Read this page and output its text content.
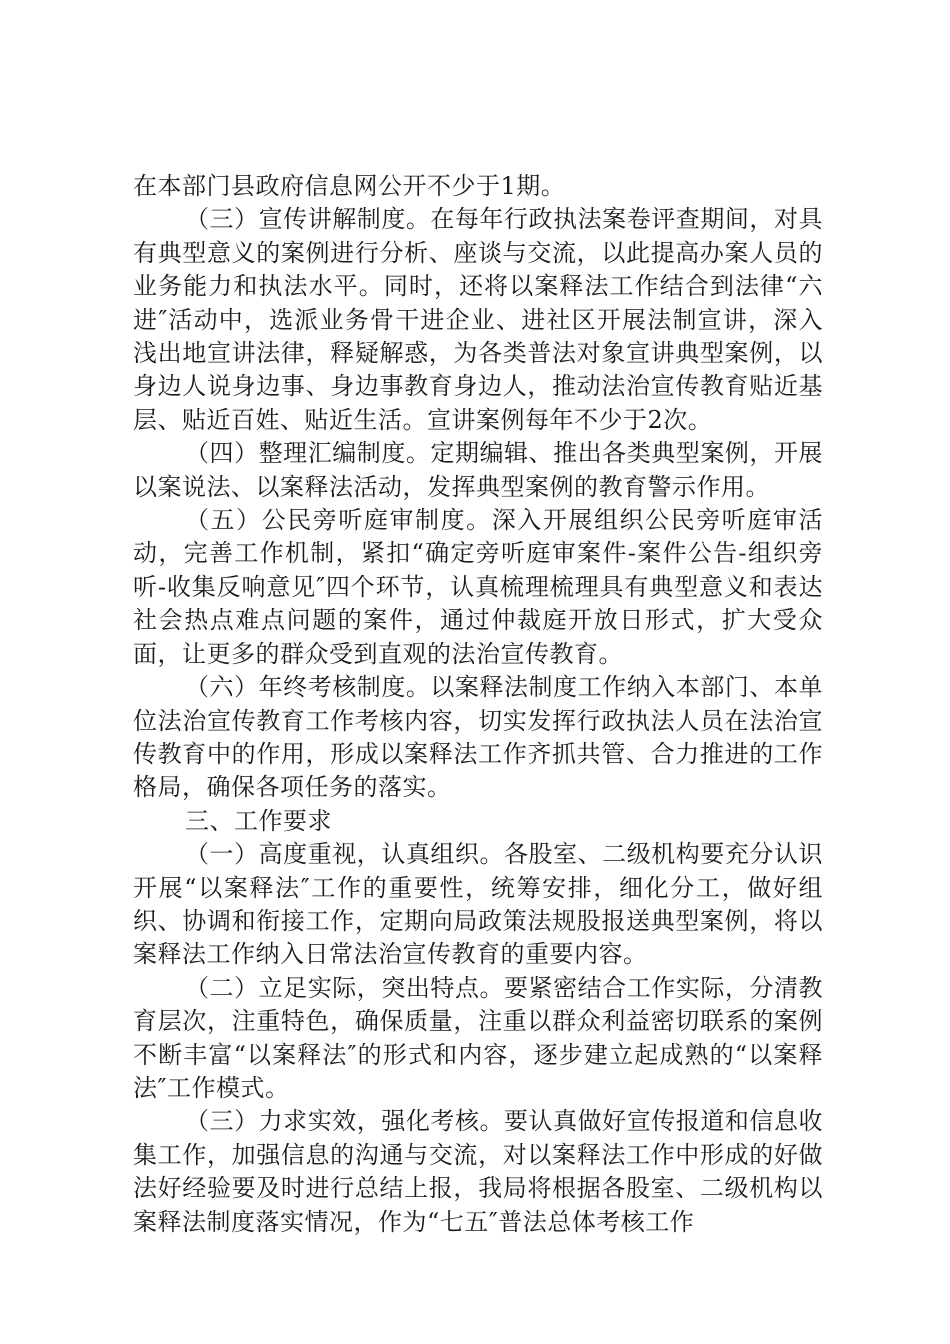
在本部门县政府信息网公开不少于1期。

（三）宣传讲解制度。在每年行政执法案卷评查期间，对具有典型意义的案例进行分析、座谈与交流，以此提高办案人员的业务能力和执法水平。同时，还将以案释法工作结合到法律“六进″活动中，选派业务骨干进企业、进社区开展法制宣讲，深入浅出地宣讲法律，释疑解惑，为各类普法对象宣讲典型案例，以身边人说身边事、身边事教育身边人，推动法治宣传教育贴近基层、贴近百姓、贴近生活。宣讲案例每年不少于2次。

（四）整理汇编制度。定期编辑、推出各类典型案例，开展以案说法、以案释法活动，发挥典型案例的教育警示作用。

（五）公民旁听庭审制度。深入开展组织公民旁听庭审活动，完善工作机制，紧扣“确定旁听庭审案件-案件公告-组织旁听-收集反响意见″四个环节，认真梳理梳理具有典型意义和表达社会热点难点问题的案件，通过仲裁庭开放日形式，扩大受众面，让更多的群众受到直观的法治宣传教育。

（六）年终考核制度。以案释法制度工作纳入本部门、本单位法治宣传教育工作考核内容，切实发挥行政执法人员在法治宣传教育中的作用，形成以案释法工作齐抓共管、合力推进的工作格局，确保各项任务的落实。

三、工作要求

（一）高度重视，认真组织。各股室、二级机构要充分认识开展“以案释法″工作的重要性，统筹安排，细化分工，做好组织、协调和衔接工作，定期向局政策法规股报送典型案例，将以案释法工作纳入日常法治宣传教育的重要内容。

（二）立足实际，突出特点。要紧密结合工作实际，分清教育层次，注重特色，确保质量，注重以群众利益密切联系的案例不断丰富“以案释法″的形式和内容，逐步建立起成熟的“以案释法″工作模式。

（三）力求实效，强化考核。要认真做好宣传报道和信息收集工作，加强信息的沟通与交流，对以案释法工作中形成的好做法好经验要及时进行总结上报，我局将根据各股室、二级机构以案释法制度落实情况，作为“七五″普法总体考核工作
